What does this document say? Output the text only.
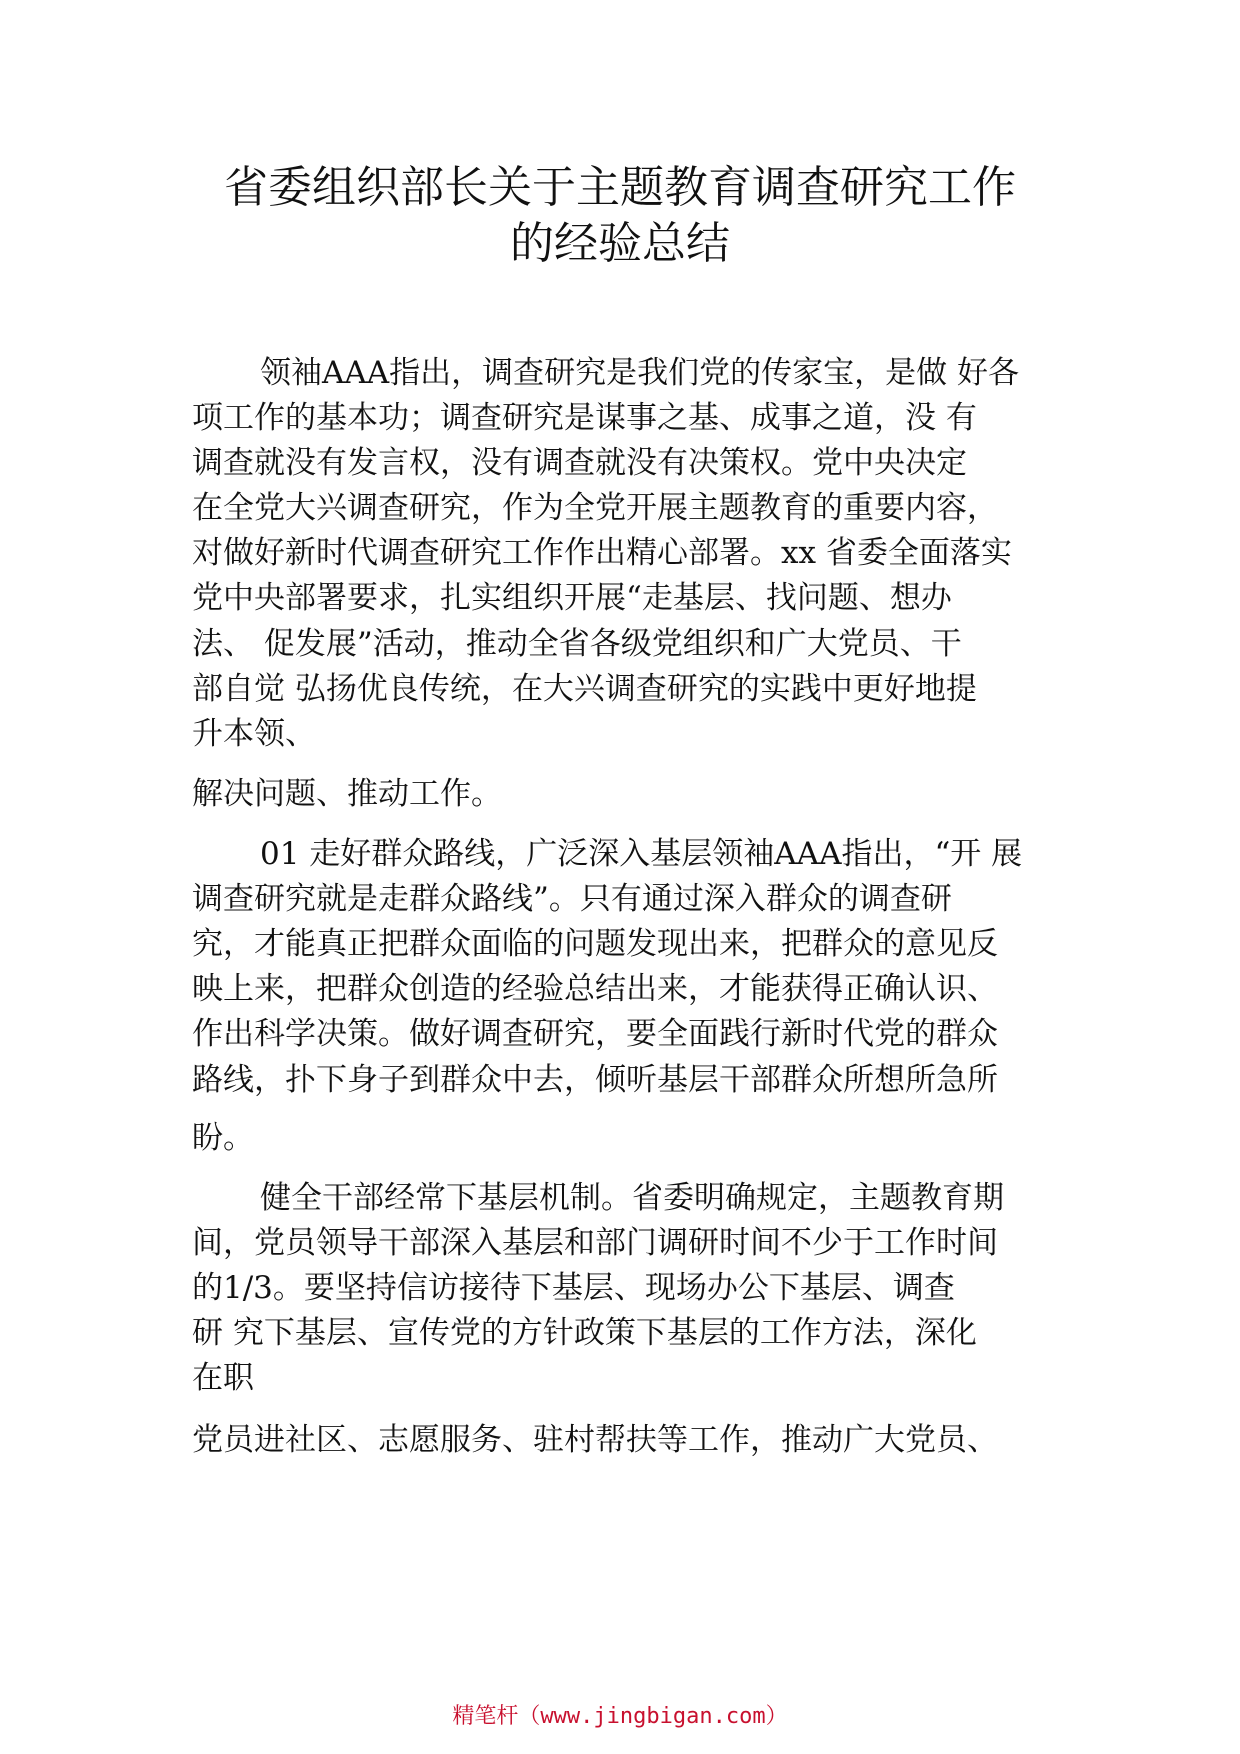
省委组织部长关于主题教育调查研究工作
的经验总结
领袖AAA指出，调查研究是我们党的传家宝，是做 好各
项工作的基本功；调查研究是谋事之基、成事之道，没 有
调查就没有发言权，没有调查就没有决策权。党中央决定
在全党大兴调查研究，作为全党开展主题教育的重要内容，
对做好新时代调查研究工作作出精心部署。xx 省委全面落实
党中央部署要求，扎实组织开展“走基层、找问题、想办
法、 促发展”活动，推动全省各级党组织和广大党员、干
部自觉 弘扬优良传统，在大兴调查研究的实践中更好地提
升本领、
解决问题、推动工作。
01 走好群众路线，广泛深入基层领袖AAA指出，“开 展
调查研究就是走群众路线”。只有通过深入群众的调查研
究，才能真正把群众面临的问题发现出来，把群众的意见反
映上来，把群众创造的经验总结出来，才能获得正确认识、
作出科学决策。做好调查研究，要全面践行新时代党的群众
路线，扑下身子到群众中去，倾听基层干部群众所想所急所
盼。
健全干部经常下基层机制。省委明确规定，主题教育期
间，党员领导干部深入基层和部门调研时间不少于工作时间
的1/3。要坚持信访接待下基层、现场办公下基层、调查
研 究下基层、宣传党的方针政策下基层的工作方法，深化
在职
党员进社区、志愿服务、驻村帮扶等工作，推动广大党员、
精笔杆（www.jingbigan.com）
